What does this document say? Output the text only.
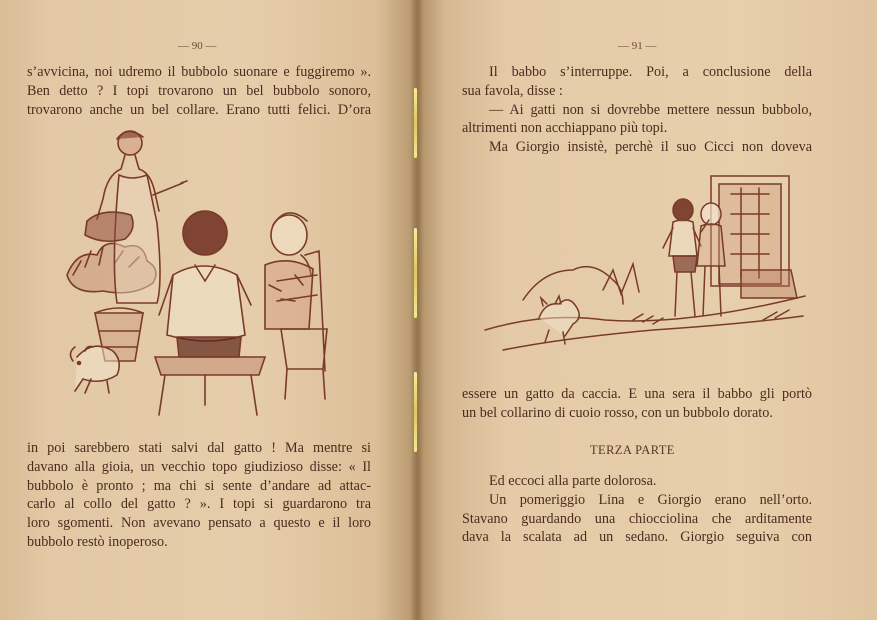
— 90 —

s’avvicina, noi udremo il bubbolo suonare e fuggiremo ».

Ben detto ? I topi trovarono un bel bubbolo sonoro,

trovarono anche un bel collare. Erano tutti felici. D’ora

in poi sarebbero stati salvi dal gatto ! Ma mentre si

davano alla gioia, un vecchio topo giudizioso disse: « Il

bubbolo è pronto ; ma chi si sente d’andare ad attac-

carlo al collo del gatto ? ». I topi si guardarono tra

loro sgomenti. Non avevano pensato a questo e il loro

bubbolo restò inoperoso.

— 91 —

Il babbo s’interruppe. Poi, a conclusione della

sua favola, disse :

— Ai gatti non si dovrebbe mettere nessun bubbolo,

altrimenti non acchiappano più topi.

Ma Giorgio insistè, perchè il suo Cicci non doveva

essere un gatto da caccia. E una sera il babbo gli portò

un bel collarino di cuoio rosso, con un bubbolo dorato.

TERZA PARTE

Ed eccoci alla parte dolorosa.

Un pomeriggio Lina e Giorgio erano nell’orto.

Stavano guardando una chiocciolina che arditamente

dava la scalata ad un sedano. Giorgio seguiva con
